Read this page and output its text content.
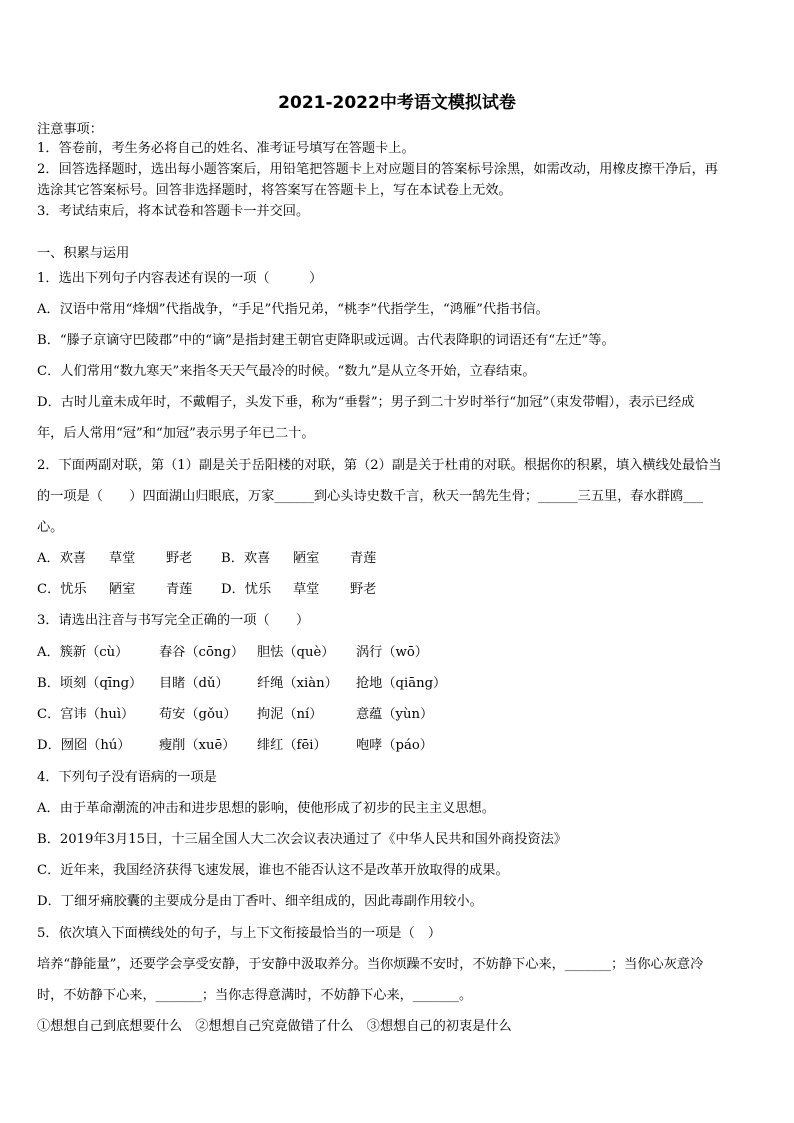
2021-2022中考语文模拟试卷
注意事项：
1．答卷前，考生务必将自己的姓名、准考证号填写在答题卡上。
2．回答选择题时，选出每小题答案后，用铅笔把答题卡上对应题目的答案标号涂黑，如需改动，用橡皮擦干净后，再
选涂其它答案标号。回答非选择题时，将答案写在答题卡上，写在本试卷上无效。
3．考试结束后，将本试卷和答题卡一并交回。
一、积累与运用
1．选出下列句子内容表述有误的一项（　　　）
A．汉语中常用“烽烟”代指战争，“手足”代指兄弟，“桃李”代指学生，“鸿雁”代指书信。
B．“滕子京谪守巴陵郡”中的“谪”是指封建王朝官吏降职或远调。古代表降职的词语还有“左迁”等。
C．人们常用“数九寒天”来指冬天天气最冷的时候。“数九”是从立冬开始，立春结束。
D．古时儿童未成年时，不戴帽子，头发下垂，称为“垂髫”；男子到二十岁时举行“加冠”（束发带帽），表示已经成
年，后人常用“冠”和“加冠”表示男子年已二十。
2．下面两副对联，第（1）副是关于岳阳楼的对联，第（2）副是关于杜甫的对联。根据你的积累，填入横线处最恰当
的一项是（　　）四面湖山归眼底，万家______到心头诗史数千言，秋天一鹄先生骨；______三五里，春水群鸥___
心。
A．欢喜	草堂	野老	B．欢喜	陋室	青莲
C．忧乐	陋室	青莲	D．忧乐	草堂	野老
3．请选出注音与书写完全正确的一项（　　）
A．簇新（cù）	春谷（cōng） 胆怯（què）	涡行（wō）
B．顷刻（qīng）	目睹（dǔ）	纤绳（xiàn）	抢地（qiāng）
C．宫讳（huì）	苟安（gǒu）	拘泥（ní）	意蕴（yùn）
D．囫囵（hú）	瘦削（xuē）	绯红（fēi）	咆哮（páo）
4．下列句子没有语病的一项是
A．由于革命潮流的冲击和进步思想的影响，使他形成了初步的民主主义思想。
B．2019年3月15日，十三届全国人大二次会议表决通过了《中华人民共和国外商投资法》
C．近年来，我国经济获得飞速发展，谁也不能否认这不是改革开放取得的成果。
D．丁细牙痛胶囊的主要成分是由丁香叶、细辛组成的，因此毒副作用较小。
5．依次填入下面横线处的句子，与上下文衔接最恰当的一项是（　）
培养“静能量”，还要学会享受安静，于安静中汲取养分。当你烦躁不安时，不妨静下心来，_______；当你心灰意冷
时，不妨静下心来，_______；当你志得意满时，不妨静下心来，_______。
①想想自己到底想要什么　②想想自己究竟做错了什么　③想想自己的初衷是什么
